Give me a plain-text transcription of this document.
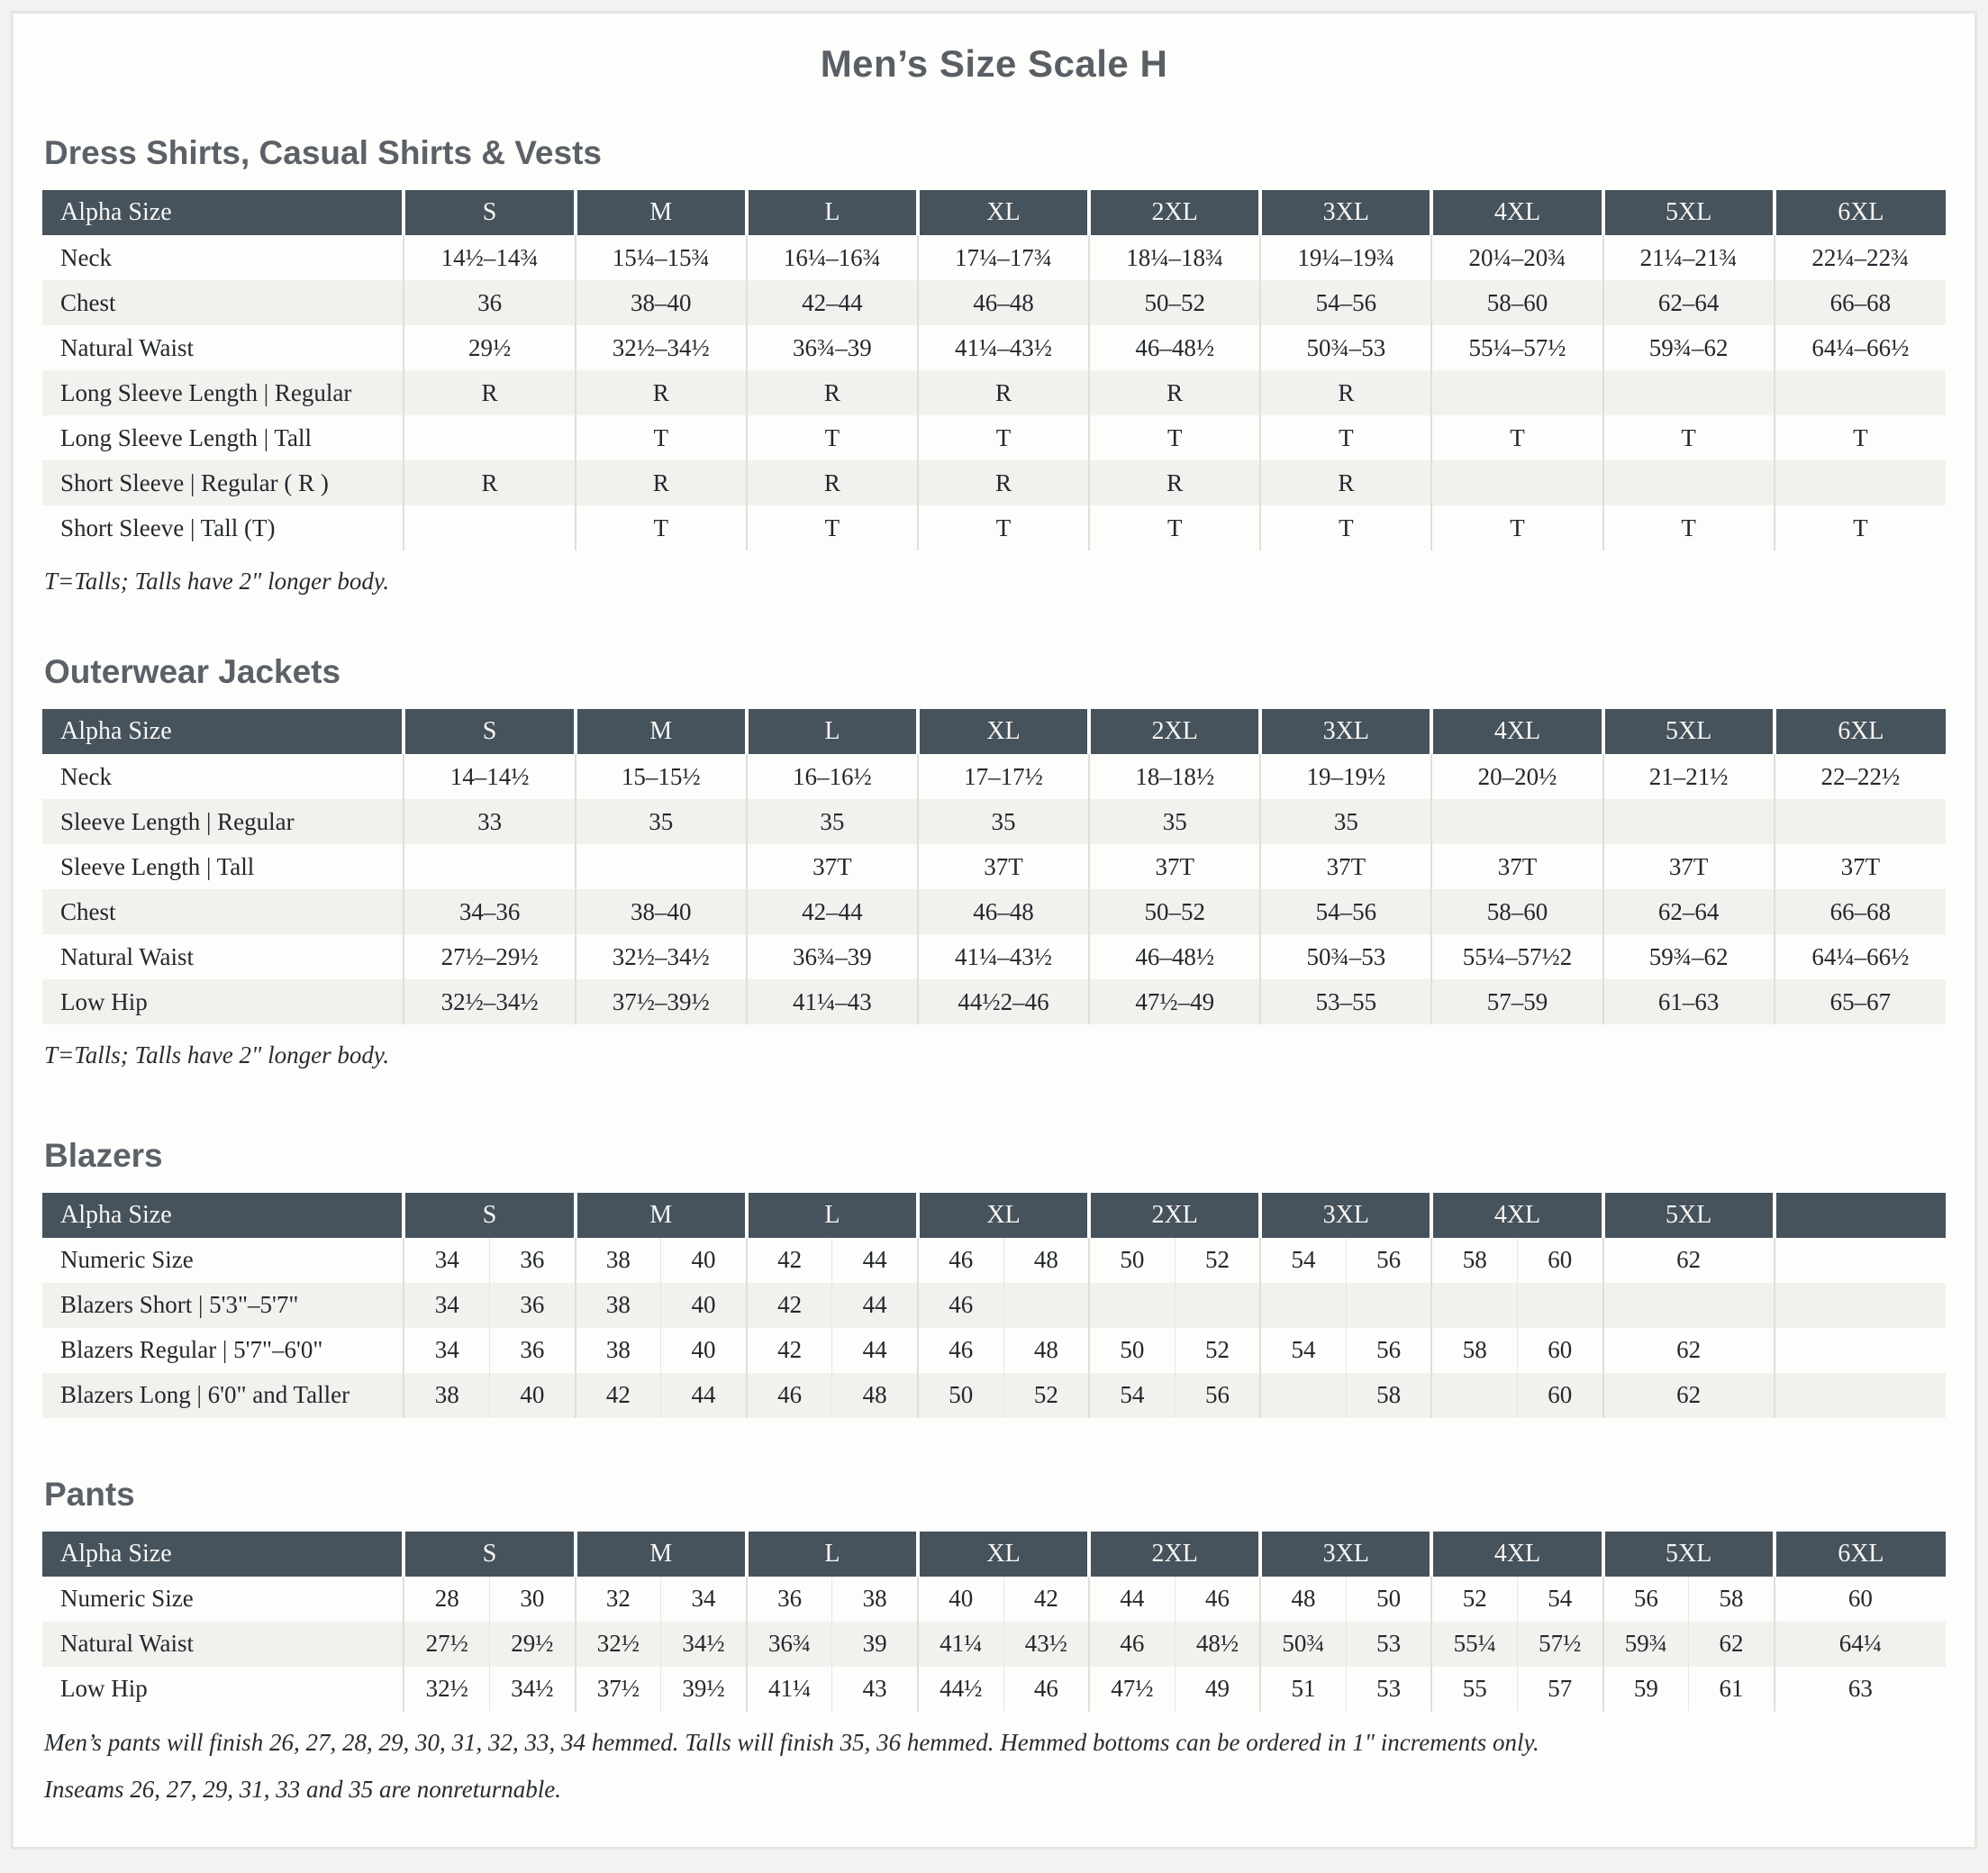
Men’s Size Scale H
Dress Shirts, Casual Shirts & Vests
Alpha Size	S	M	L	XL	2XL	3XL	4XL	5XL	6XL
Neck	14½–14¾	15¼–15¾	16¼–16¾	17¼–17¾	18¼–18¾	19¼–19¾	20¼–20¾	21¼–21¾	22¼–22¾
Chest	36	38–40	42–44	46–48	50–52	54–56	58–60	62–64	66–68
Natural Waist	29½	32½–34½	36¾–39	41¼–43½	46–48½	50¾–53	55¼–57½	59¾–62	64¼–66½
Long Sleeve Length | Regular	R	R	R	R	R	R			
Long Sleeve Length | Tall		T	T	T	T	T	T	T	T
Short Sleeve | Regular ( R )	R	R	R	R	R	R			
Short Sleeve | Tall (T)		T	T	T	T	T	T	T	T

T=Talls; Talls have 2" longer body.

Outerwear Jackets
Alpha Size	S	M	L	XL	2XL	3XL	4XL	5XL	6XL
Neck	14–14½	15–15½	16–16½	17–17½	18–18½	19–19½	20–20½	21–21½	22–22½
Sleeve Length | Regular	33	35	35	35	35	35			
Sleeve Length | Tall			37T	37T	37T	37T	37T	37T	37T
Chest	34–36	38–40	42–44	46–48	50–52	54–56	58–60	62–64	66–68
Natural Waist	27½–29½	32½–34½	36¾–39	41¼–43½	46–48½	50¾–53	55¼–57½2	59¾–62	64¼–66½
Low Hip	32½–34½	37½–39½	41¼–43	44½2–46	47½–49	53–55	57–59	61–63	65–67

T=Talls; Talls have 2" longer body.

Blazers
Alpha Size	S		M		L		XL		2XL		3XL		4XL		5XL	
Numeric Size	34	36	38	40	42	44	46	48	50	52	54	56	58	60	62	
Blazers Short | 5'3"–5'7"	34	36	38	40	42	44	46									
Blazers Regular | 5'7"–6'0"	34	36	38	40	42	44	46	48	50	52	54	56	58	60	62	
Blazers Long | 6'0" and Taller	38	40	42	44	46	48	50	52	54	56		58		60	62	
Pants
Alpha Size	S		M		L		XL		2XL		3XL		4XL		5XL		6XL
Numeric Size	28	30	32	34	36	38	40	42	44	46	48	50	52	54	56	58	60
Natural Waist	27½	29½	32½	34½	36¾	39	41¼	43½	46	48½	50¾	53	55¼	57½	59¾	62	64¼
Low Hip	32½	34½	37½	39½	41¼	43	44½	46	47½	49	51	53	55	57	59	61	63

Men’s pants will finish 26, 27, 28, 29, 30, 31, 32, 33, 34 hemmed. Talls will finish 35, 36 hemmed. Hemmed bottoms can be ordered in 1" increments only.

Inseams 26, 27, 29, 31, 33 and 35 are nonreturnable.
